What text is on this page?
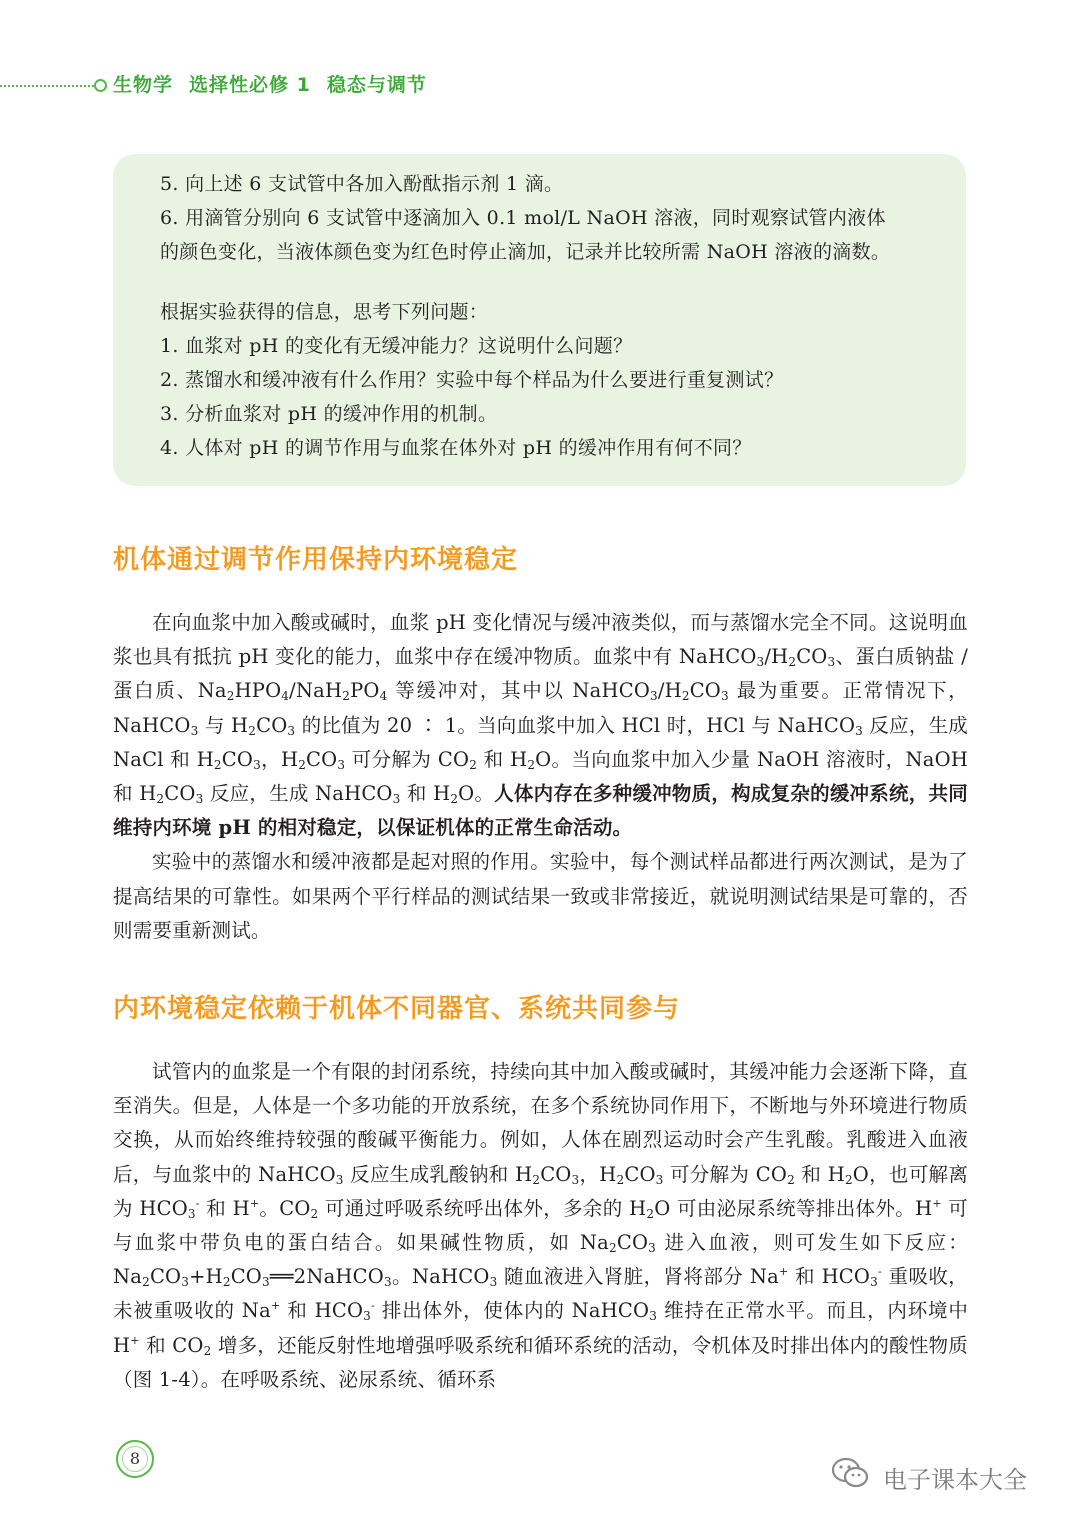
生物学 选择性必修 1 稳态与调节

5. 向上述 6 支试管中各加入酚酞指示剂 1 滴。

6. 用滴管分别向 6 支试管中逐滴加入 0.1 mol/L NaOH 溶液，同时观察试管内液体

的颜色变化，当液体颜色变为红色时停止滴加，记录并比较所需 NaOH 溶液的滴数。

根据实验获得的信息，思考下列问题：

1. 血浆对 pH 的变化有无缓冲能力？这说明什么问题？

2. 蒸馏水和缓冲液有什么作用？实验中每个样品为什么要进行重复测试？

3. 分析血浆对 pH 的缓冲作用的机制。

4. 人体对 pH 的调节作用与血浆在体外对 pH 的缓冲作用有何不同？

机体通过调节作用保持内环境稳定

在向血浆中加入酸或碱时，血浆 pH 变化情况与缓冲液类似，而与蒸馏水完全不同。这说明血浆也具有抵抗 pH 变化的能力，血浆中存在缓冲物质。血浆中有 $NaHCO_3/H_2CO_3$、蛋白质钠盐 / 蛋白质、$Na_2HPO_4/NaH_2PO_4$ 等缓冲对，其中以 $NaHCO_3/H_2CO_3$ 最为重要。正常情况下，NaHCO$_3$ 与 $H_2CO_3$ 的比值为 20 ∶ 1。当向血浆中加入 HCl 时，HCl 与 NaHCO$_3$ 反应，生成 NaCl 和 $H_2CO_3$，$H_2CO_3$ 可分解为 $CO_2$ 和 $H_2O$。当向血浆中加入少量 NaOH 溶液时，NaOH 和 $H_2CO_3$ 反应，生成 NaHCO$_3$ 和 $H_2O$。人体内存在多种缓冲物质，构成复杂的缓冲系统，共同维持内环境 pH 的相对稳定，以保证机体的正常生命活动。

实验中的蒸馏水和缓冲液都是起对照的作用。实验中，每个测试样品都进行两次测试，是为了提高结果的可靠性。如果两个平行样品的测试结果一致或非常接近，就说明测试结果是可靠的，否则需要重新测试。

内环境稳定依赖于机体不同器官、系统共同参与

试管内的血浆是一个有限的封闭系统，持续向其中加入酸或碱时，其缓冲能力会逐渐下降，直至消失。但是，人体是一个多功能的开放系统，在多个系统协同作用下，不断地与外环境进行物质交换，从而始终维持较强的酸碱平衡能力。例如，人体在剧烈运动时会产生乳酸。乳酸进入血液后，与血浆中的 NaHCO$_3$ 反应生成乳酸钠和 $H_2CO_3$，$H_2CO_3$ 可分解为 $CO_2$ 和 $H_2O$，也可解离为 $HCO_3^-$ 和 H+。$CO_2$ 可通过呼吸系统呼出体外，多余的 $H_2O$ 可由泌尿系统等排出体外。H+ 可与血浆中带负电的蛋白结合。如果碱性物质，如 $Na_2CO_3$ 进入血液，则可发生如下反应：$Na_2CO_3+H_2CO_3══2NaHCO_3$。NaHCO$_3$ 随血液进入肾脏，肾将部分 Na+ 和 $HCO_3^-$ 重吸收，未被重吸收的 Na+ 和 $HCO_3^-$ 排出体外，使体内的 NaHCO$_3$ 维持在正常水平。而且，内环境中 H+ 和 $CO_2$ 增多，还能反射性地增强呼吸系统和循环系统的活动，令机体及时排出体内的酸性物质（图 1-4）。在呼吸系统、泌尿系统、循环系

8
电子课本大全
